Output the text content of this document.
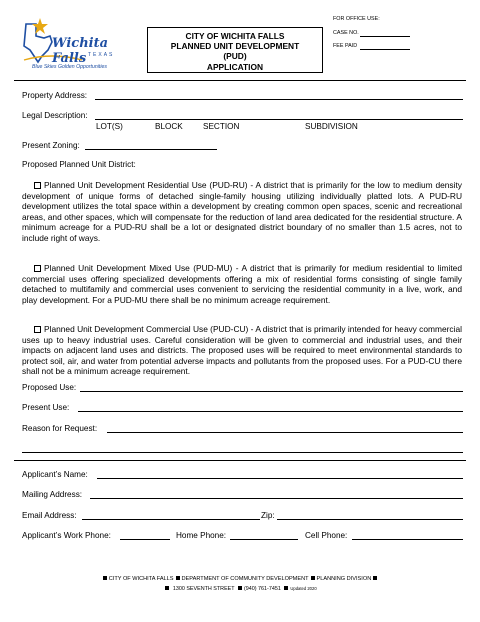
Wichita Falls TEXAS
Blue Skies Golden Opportunities
CITY OF WICHITA FALLS
PLANNED UNIT DEVELOPMENT
(PUD)
APPLICATION
FOR OFFICE USE:
CASE NO.
FEE PAID
Property Address:
Legal Description:
LOT(S)	BLOCK SECTION	SUBDIVISION
Present Zoning:
Proposed Planned Unit District:
Planned Unit Development Residential Use (PUD-RU) - A district that is primarily for the low to medium density development of unique forms of detached single-family housing utilizing individually platted lots. A PUD-RU development utilizes the total space within a development by creating common open spaces, scenic and recreational areas, and other spaces, which will compensate for the reduction of land area dedicated for the residential structure. A minimum acreage for a PUD-RU shall be a lot or designated district boundary of no smaller than 1.5 acres, not to include right of ways.
Planned Unit Development Mixed Use (PUD-MU) - A district that is primarily for medium residential to limited commercial uses offering specialized developments offering a mix of residential forms consisting of single family detached to multifamily and commercial uses convenient to servicing the residential community in a live, work, and play development. For a PUD-MU there shall be no minimum acreage requirement.
Planned Unit Development Commercial Use (PUD-CU) - A district that is primarily intended for heavy commercial uses up to heavy industrial uses. Careful consideration will be given to commercial and industrial uses, and their impacts on adjacent land uses and districts. The proposed uses will be required to meet environmental standards to protect soil, air, and water from potential adverse impacts and pollutants from the proposed uses. For a PUD-CU there shall not be a minimum acreage requirement.
Proposed Use:
Present Use:
Reason for Request:
Applicant’s Name:
Mailing Address:
Email Address:	Zip:
Applicant’s Work Phone:	Home Phone:	Cell Phone:
CITY OF WICHITA FALLS DEPARTMENT OF COMMUNITY DEVELOPMENT PLANNING DIVISION
1300 SEVENTH STREET (940) 761-7451 Updated 2020
